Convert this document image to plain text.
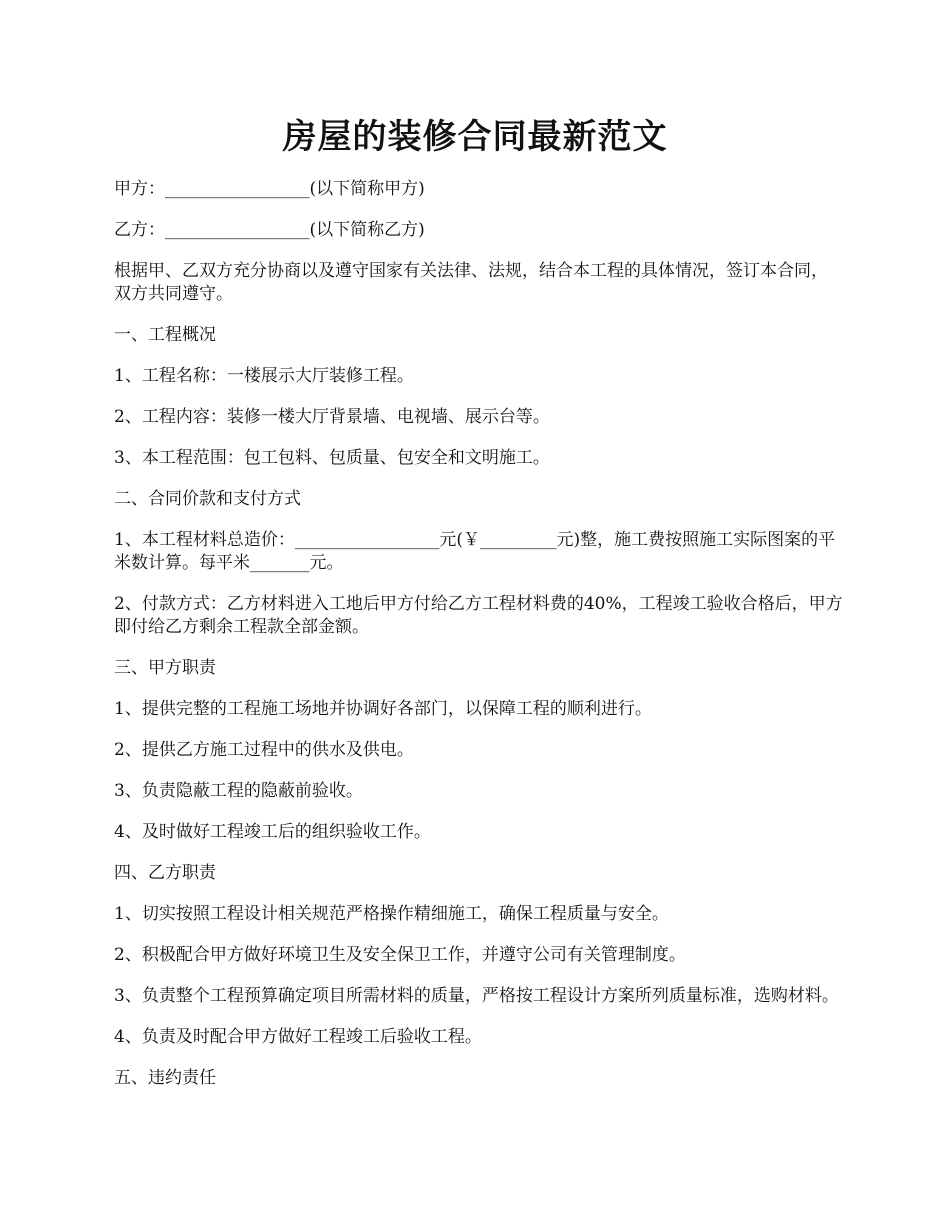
房屋的装修合同最新范文

甲方：_________________(以下简称甲方)

乙方：_________________(以下简称乙方)

根据甲、乙双方充分协商以及遵守国家有关法律、法规，结合本工程的具体情况，签订本合同，双方共同遵守。

一、工程概况

1、工程名称：一楼展示大厅装修工程。

2、工程内容：装修一楼大厅背景墙、电视墙、展示台等。

3、本工程范围：包工包料、包质量、包安全和文明施工。

二、合同价款和支付方式

1、本工程材料总造价：_________________元(￥_________元)整，施工费按照施工实际图案的平米数计算。每平米_______元。

2、付款方式：乙方材料进入工地后甲方付给乙方工程材料费的40%，工程竣工验收合格后，甲方即付给乙方剩余工程款全部金额。

三、甲方职责

1、提供完整的工程施工场地并协调好各部门，以保障工程的顺利进行。

2、提供乙方施工过程中的供水及供电。

3、负责隐蔽工程的隐蔽前验收。

4、及时做好工程竣工后的组织验收工作。

四、乙方职责

1、切实按照工程设计相关规范严格操作精细施工，确保工程质量与安全。

2、积极配合甲方做好环境卫生及安全保卫工作，并遵守公司有关管理制度。

3、负责整个工程预算确定项目所需材料的质量，严格按工程设计方案所列质量标准，选购材料。

4、负责及时配合甲方做好工程竣工后验收工程。

五、违约责任
